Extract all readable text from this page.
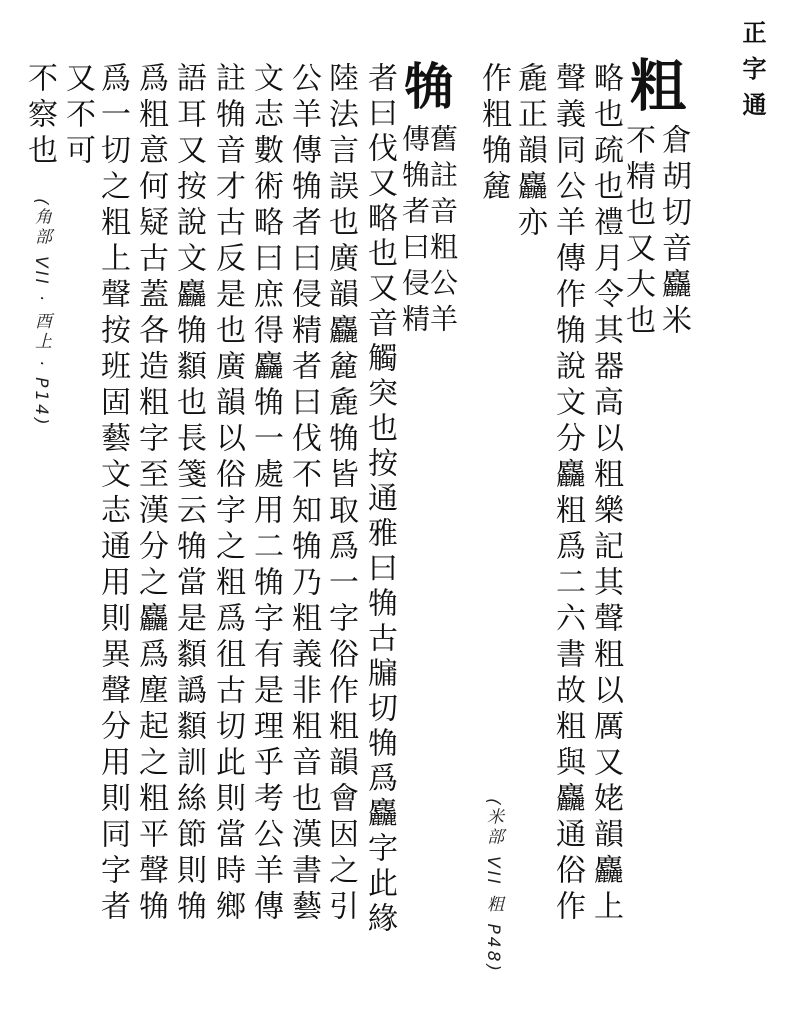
正字通
粗
倉胡切音麤米
不精也又大也
略也疏也禮月令其器高以粗樂記其聲粗以厲又姥韻麤上
聲義同公羊傳作觕說文分麤粗爲二六書故粗與麤通俗作
麁正韻麤亦
作粗觕麄
(米部 VII 粗 P48)
觕
舊註音粗公羊
傳觕者曰侵精
者曰伐又略也又音觸突也按通雅曰觕古牖切觕爲麤字此緣
陸法言誤也廣韻麤麄麁觕皆取爲一字俗作粗韻會因之引
公羊傳觕者曰侵精者曰伐不知觕乃粗義非粗音也漢書藝
文志數術略曰庶得麤觕一處用二觕字有是理乎考公羊傳
註觕音才古反是也廣韻以俗字之粗爲徂古切此則當時鄉
語耳又按說文麤觕纇也長箋云觕當是纇譌纇訓絲節則觕
爲粗意何疑古蓋各造粗字至漢分之麤爲塵起之粗平聲觕
爲一切之粗上聲按班固藝文志通用則異聲分用則同字者
又不可
不察也
(角部 VII · 酉上 · P14)
